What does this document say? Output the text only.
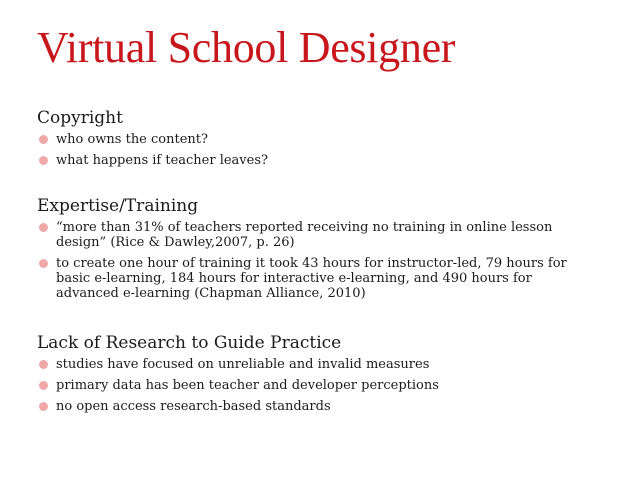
Virtual School Designer
Copyright
who owns the content?
what happens if teacher leaves?
Expertise/Training
“more than 31% of teachers reported receiving no training in online lesson design” (Rice & Dawley,2007, p. 26)
to create one hour of training it took 43 hours for instructor-led, 79 hours for basic e-learning, 184 hours for interactive e-learning, and 490 hours for advanced e-learning (Chapman Alliance, 2010)
Lack of Research to Guide Practice
studies have focused on unreliable and invalid measures
primary data has been teacher and developer perceptions
no open access research-based standards
